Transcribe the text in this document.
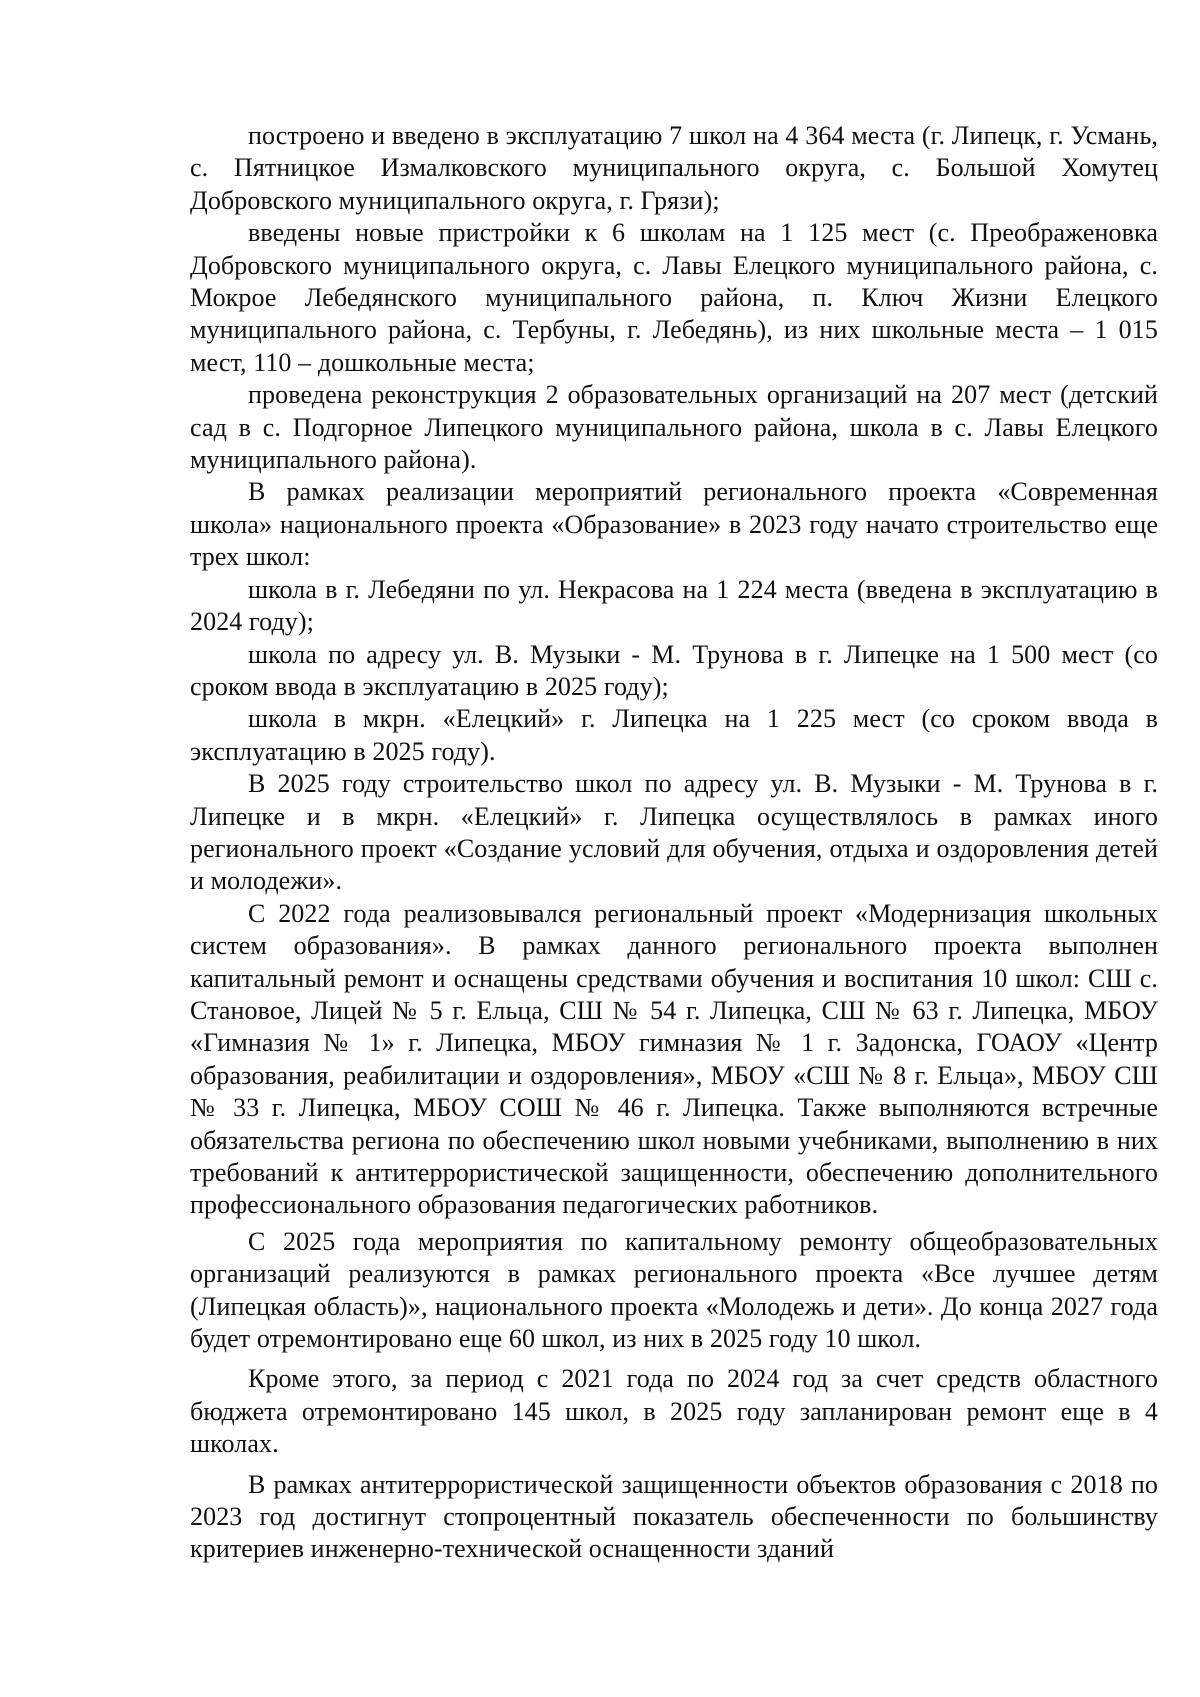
построено и введено в эксплуатацию 7 школ на 4 364 места (г. Липецк, г. Усмань, с. Пятницкое Измалковского муниципального округа, с. Большой Хомутец Добровского муниципального округа, г. Грязи);

введены новые пристройки к 6 школам на 1 125 мест (с. Преображеновка Добровского муниципального округа, с. Лавы Елецкого муниципального района, с. Мокрое Лебедянского муниципального района, п. Ключ Жизни Елецкого муниципального района, с. Тербуны, г. Лебедянь), из них школьные места – 1 015 мест, 110 – дошкольные места;

проведена реконструкция 2 образовательных организаций на 207 мест (детский сад в с. Подгорное Липецкого муниципального района, школа в с. Лавы Елецкого муниципального района).

В рамках реализации мероприятий регионального проекта «Современная школа» национального проекта «Образование» в 2023 году начато строительство еще трех школ:

школа в г. Лебедяни по ул. Некрасова на 1 224 места (введена в эксплуатацию в 2024 году);

школа по адресу ул. В. Музыки - М. Трунова в г. Липецке на 1 500 мест (со сроком ввода в эксплуатацию в 2025 году);

школа в мкрн. «Елецкий» г. Липецка на 1 225 мест (со сроком ввода в эксплуатацию в 2025 году).

В 2025 году строительство школ по адресу ул. В. Музыки - М. Трунова в г. Липецке и в мкрн. «Елецкий» г. Липецка осуществлялось в рамках иного регионального проект «Создание условий для обучения, отдыха и оздоровления детей и молодежи».

С 2022 года реализовывался региональный проект «Модернизация школьных систем образования». В рамках данного регионального проекта выполнен капитальный ремонт и оснащены средствами обучения и воспитания 10 школ: СШ с. Становое, Лицей № 5 г. Ельца, СШ № 54 г. Липецка, СШ № 63 г. Липецка, МБОУ «Гимназия № 1» г. Липецка, МБОУ гимназия № 1 г. Задонска, ГОАОУ «Центр образования, реабилитации и оздоровления», МБОУ «СШ № 8 г. Ельца», МБОУ СШ № 33 г. Липецка, МБОУ СОШ № 46 г. Липецка. Также выполняются встречные обязательства региона по обеспечению школ новыми учебниками, выполнению в них требований к антитеррористической защищенности, обеспечению дополнительного профессионального образования педагогических работников.

С 2025 года мероприятия по капитальному ремонту общеобразовательных организаций реализуются в рамках регионального проекта «Все лучшее детям (Липецкая область)», национального проекта «Молодежь и дети». До конца 2027 года будет отремонтировано еще 60 школ, из них в 2025 году 10 школ.

Кроме этого, за период с 2021 года по 2024 год за счет средств областного бюджета отремонтировано 145 школ, в 2025 году запланирован ремонт еще в 4 школах.

В рамках антитеррористической защищенности объектов образования с 2018 по 2023 год достигнут стопроцентный показатель обеспеченности по большинству критериев инженерно-технической оснащенности зданий
